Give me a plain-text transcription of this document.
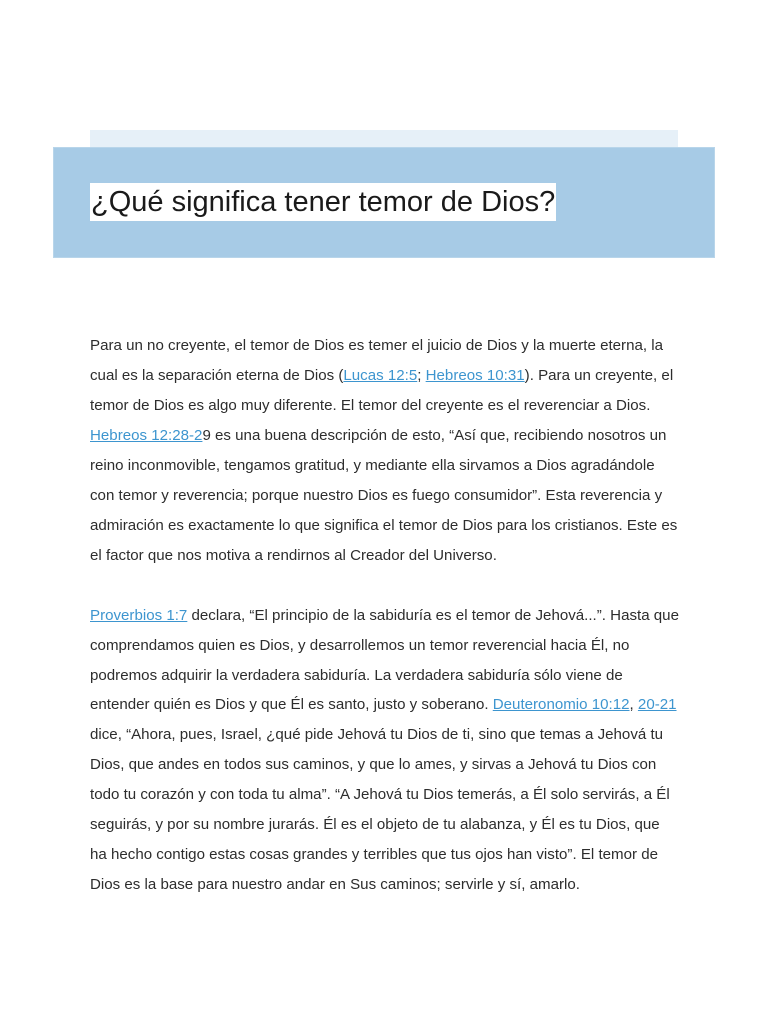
¿Qué significa tener temor de Dios?

Para un no creyente, el temor de Dios es temer el juicio de Dios y la muerte eterna, la cual es la separación eterna de Dios (Lucas 12:5; Hebreos 10:31). Para un creyente, el temor de Dios es algo muy diferente. El temor del creyente es el reverenciar a Dios. Hebreos 12:28-29 es una buena descripción de esto, “Así que, recibiendo nosotros un reino inconmovible, tengamos gratitud, y mediante ella sirvamos a Dios agradándole con temor y reverencia; porque nuestro Dios es fuego consumidor”. Esta reverencia y admiración es exactamente lo que significa el temor de Dios para los cristianos. Este es el factor que nos motiva a rendirnos al Creador del Universo.

Proverbios 1:7 declara, “El principio de la sabiduría es el temor de Jehová...”. Hasta que comprendamos quien es Dios, y desarrollemos un temor reverencial hacia Él, no podremos adquirir la verdadera sabiduría. La verdadera sabiduría sólo viene de entender quién es Dios y que Él es santo, justo y soberano. Deuteronomio 10:12, 20-21 dice, “Ahora, pues, Israel, ¿qué pide Jehová tu Dios de ti, sino que temas a Jehová tu Dios, que andes en todos sus caminos, y que lo ames, y sirvas a Jehová tu Dios con todo tu corazón y con toda tu alma”. “A Jehová tu Dios temerás, a Él solo servirás, a Él seguirás, y por su nombre jurarás. Él es el objeto de tu alabanza, y Él es tu Dios, que ha hecho contigo estas cosas grandes y terribles que tus ojos han visto”. El temor de Dios es la base para nuestro andar en Sus caminos; servirle y sí, amarlo.
